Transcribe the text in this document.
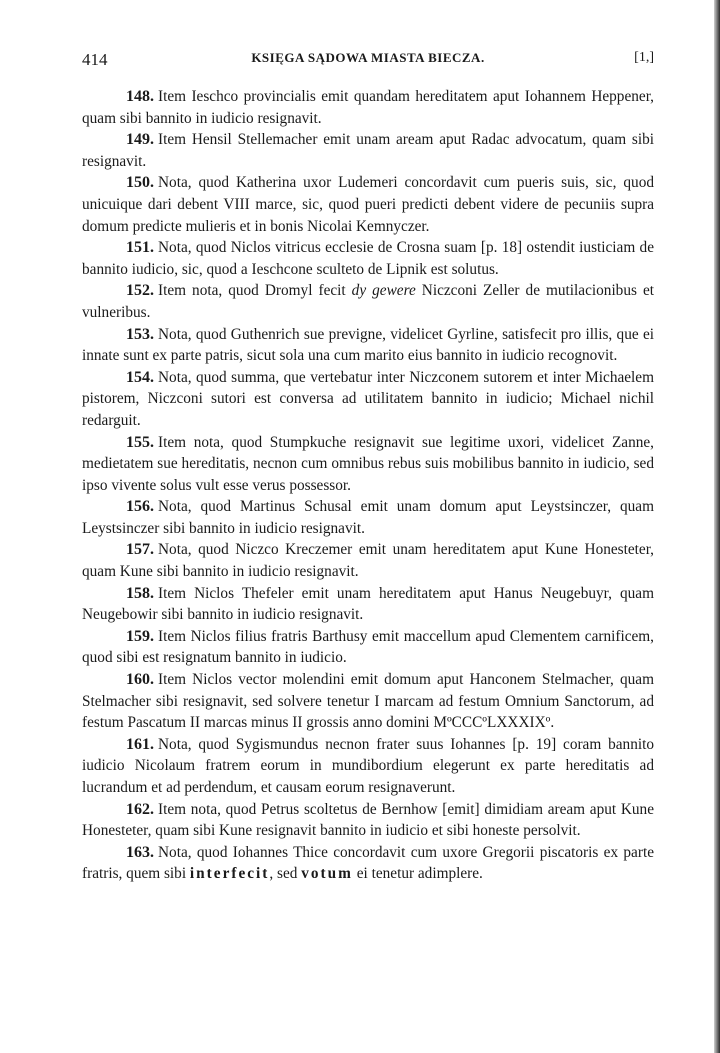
414	KSIĘGA SĄDOWA MIASTA BIECZA.	[1,]

148. Item Ieschco provincialis emit quandam hereditatem aput Iohannem Heppener, quam sibi bannito in iudicio resignavit.

149. Item Hensil Stellemacher emit unam aream aput Radac advocatum, quam sibi resignavit.

150. Nota, quod Katherina uxor Ludemeri concordavit cum pueris suis, sic, quod unicuique dari debent VIII marce, sic, quod pueri predicti debent videre de pecuniis supra domum predicte mulieris et in bonis Nicolai Kemnyczer.

151. Nota, quod Niclos vitricus ecclesie de Crosna suam [p. 18] ostendit iusticiam de bannito iudicio, sic, quod a Ieschcone sculteto de Lipnik est solutus.

152. Item nota, quod Dromyl fecit dy gewere Niczconi Zeller de mutilacionibus et vulneribus.

153. Nota, quod Guthenrich sue previgne, videlicet Gyrline, satisfecit pro illis, que ei innate sunt ex parte patris, sicut sola una cum marito eius bannito in iudicio recognovit.

154. Nota, quod summa, que vertebatur inter Niczconem sutorem et inter Michaelem pistorem, Niczconi sutori est conversa ad utilitatem bannito in iudicio; Michael nichil redarguit.

155. Item nota, quod Stumpkuche resignavit sue legitime uxori, videlicet Zanne, medietatem sue hereditatis, necnon cum omnibus rebus suis mobilibus bannito in iudicio, sed ipso vivente solus vult esse verus possessor.

156. Nota, quod Martinus Schusal emit unam domum aput Leystsinczer, quam Leystsinczer sibi bannito in iudicio resignavit.

157. Nota, quod Niczco Kreczemer emit unam hereditatem aput Kune Honesteter, quam Kune sibi bannito in iudicio resignavit.

158. Item Niclos Thefeler emit unam hereditatem aput Hanus Neugebuyr, quam Neugebowir sibi bannito in iudicio resignavit.

159. Item Niclos filius fratris Barthusy emit maccellum apud Clementem carnificem, quod sibi est resignatum bannito in iudicio.

160. Item Niclos vector molendini emit domum aput Hanconem Stelmacher, quam Stelmacher sibi resignavit, sed solvere tenetur I marcam ad festum Omnium Sanctorum, ad festum Pascatum II marcas minus II grossis anno domini MºCCCºLXXXIXº.

161. Nota, quod Sygismundus necnon frater suus Iohannes [p. 19] coram bannito iudicio Nicolaum fratrem eorum in mundibordium elegerunt ex parte hereditatis ad lucrandum et ad perdendum, et causam eorum resignaverunt.

162. Item nota, quod Petrus scoltetus de Bernhow [emit] dimidiam aream aput Kune Honesteter, quam sibi Kune resignavit bannito in iudicio et sibi honeste persolvit.

163. Nota, quod Iohannes Thice concordavit cum uxore Gregorii piscatoris ex parte fratris, quem sibi interfecit, sed votum ei tenetur adimplere.
